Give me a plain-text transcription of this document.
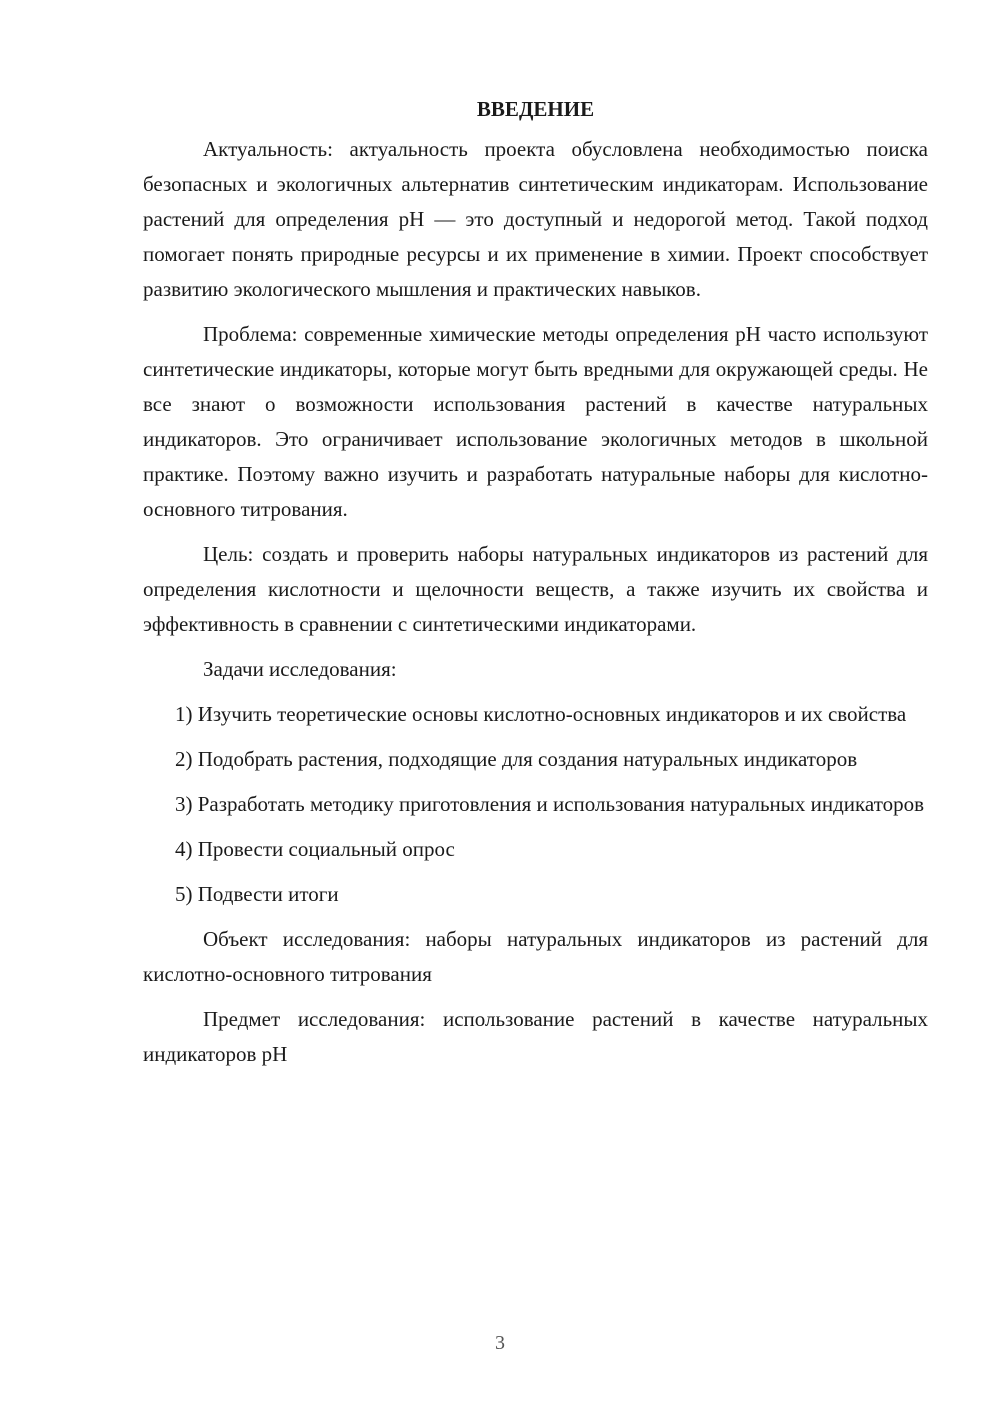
ВВЕДЕНИЕ

Актуальность: актуальность проекта обусловлена необходимостью поиска безопасных и экологичных альтернатив синтетическим индикаторам. Использование растений для определения pH — это доступный и недорогой метод. Такой подход помогает понять природные ресурсы и их применение в химии. Проект способствует развитию экологического мышления и практических навыков.

Проблема: современные химические методы определения pH часто используют синтетические индикаторы, которые могут быть вредными для окружающей среды. Не все знают о возможности использования растений в качестве натуральных индикаторов. Это ограничивает использование экологичных методов в школьной практике. Поэтому важно изучить и разработать натуральные наборы для кислотно-основного титрования.

Цель: создать и проверить наборы натуральных индикаторов из растений для определения кислотности и щелочности веществ, а также изучить их свойства и эффективность в сравнении с синтетическими индикаторами.

Задачи исследования:

1) Изучить теоретические основы кислотно-основных индикаторов и их свойства

2) Подобрать растения, подходящие для создания натуральных индикаторов

3) Разработать методику приготовления и использования натуральных индикаторов

4) Провести социальный опрос

5) Подвести итоги

Объект исследования: наборы натуральных индикаторов из растений для кислотно-основного титрования

Предмет исследования: использование растений в качестве натуральных индикаторов pH

3
